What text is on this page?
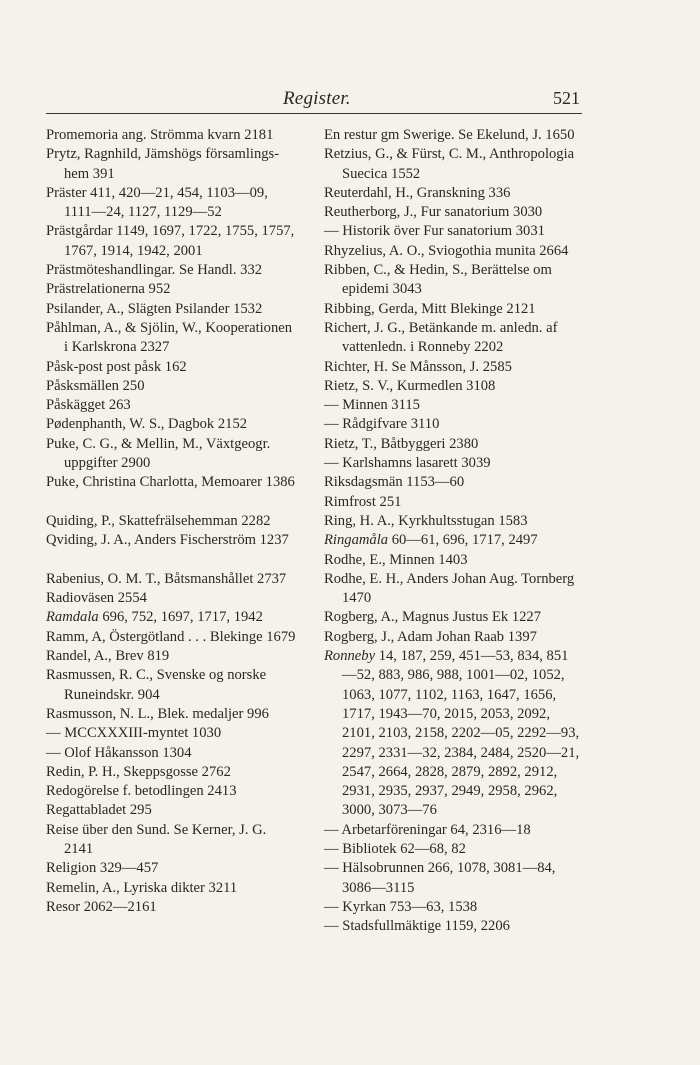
Register.	521

Promemoria ang. Strömma kvarn 2181

Prytz, Ragnhild, Jämshögs församlings-hem 391

Präster 411, 420—21, 454, 1103—09, 1111—24, 1127, 1129—52

Prästgårdar 1149, 1697, 1722, 1755, 1757, 1767, 1914, 1942, 2001

Prästmöteshandlingar. Se Handl. 332

Prästrelationerna 952

Psilander, A., Slägten Psilander 1532

Påhlman, A., & Sjölin, W., Kooperationen i Karlskrona 2327

Påsk-post post påsk 162

Påsksmällen 250

Påskägget 263

Pødenphanth, W. S., Dagbok 2152

Puke, C. G., & Mellin, M., Växtgeogr. uppgifter 2900

Puke, Christina Charlotta, Memoarer 1386

Quiding, P., Skattefrälsehemman 2282

Qviding, J. A., Anders Fischerström 1237

Rabenius, O. M. T., Båtsmanshållet 2737

Radioväsen 2554

Ramdala 696, 752, 1697, 1717, 1942

Ramm, A, Östergötland . . . Blekinge 1679

Randel, A., Brev 819

Rasmussen, R. C., Svenske og norske Runeindskr. 904

Rasmusson, N. L., Blek. medaljer 996

— MCCXXXIII-myntet 1030

— Olof Håkansson 1304

Redin, P. H., Skeppsgosse 2762

Redogörelse f. betodlingen 2413

Regattabladet 295

Reise über den Sund. Se Kerner, J. G. 2141

Religion 329—457

Remelin, A., Lyriska dikter 3211

Resor 2062—2161

En restur gm Swerige. Se Ekelund, J. 1650

Retzius, G., & Fürst, C. M., Anthropologia Suecica 1552

Reuterdahl, H., Granskning 336

Reutherborg, J., Fur sanatorium 3030

— Historik över Fur sanatorium 3031

Rhyzelius, A. O., Sviogothia munita 2664

Ribben, C., & Hedin, S., Berättelse om epidemi 3043

Ribbing, Gerda, Mitt Blekinge 2121

Richert, J. G., Betänkande m. anledn. af vattenledn. i Ronneby 2202

Richter, H. Se Månsson, J. 2585

Rietz, S. V., Kurmedlen 3108

— Minnen 3115

— Rådgifvare 3110

Rietz, T., Båtbyggeri 2380

— Karlshamns lasarett 3039

Riksdagsmän 1153—60

Rimfrost 251

Ring, H. A., Kyrkhultsstugan 1583

Ringamåla 60—61, 696, 1717, 2497

Rodhe, E., Minnen 1403

Rodhe, E. H., Anders Johan Aug. Tornberg 1470

Rogberg, A., Magnus Justus Ek 1227

Rogberg, J., Adam Johan Raab 1397

Ronneby 14, 187, 259, 451—53, 834, 851—52, 883, 986, 988, 1001—02, 1052, 1063, 1077, 1102, 1163, 1647, 1656, 1717, 1943—70, 2015, 2053, 2092, 2101, 2103, 2158, 2202—05, 2292—93, 2297, 2331—32, 2384, 2484, 2520—21, 2547, 2664, 2828, 2879, 2892, 2912, 2931, 2935, 2937, 2949, 2958, 2962, 3000, 3073—76

— Arbetarföreningar 64, 2316—18

— Bibliotek 62—68, 82

— Hälsobrunnen 266, 1078, 3081—84, 3086—3115

— Kyrkan 753—63, 1538

— Stadsfullmäktige 1159, 2206
